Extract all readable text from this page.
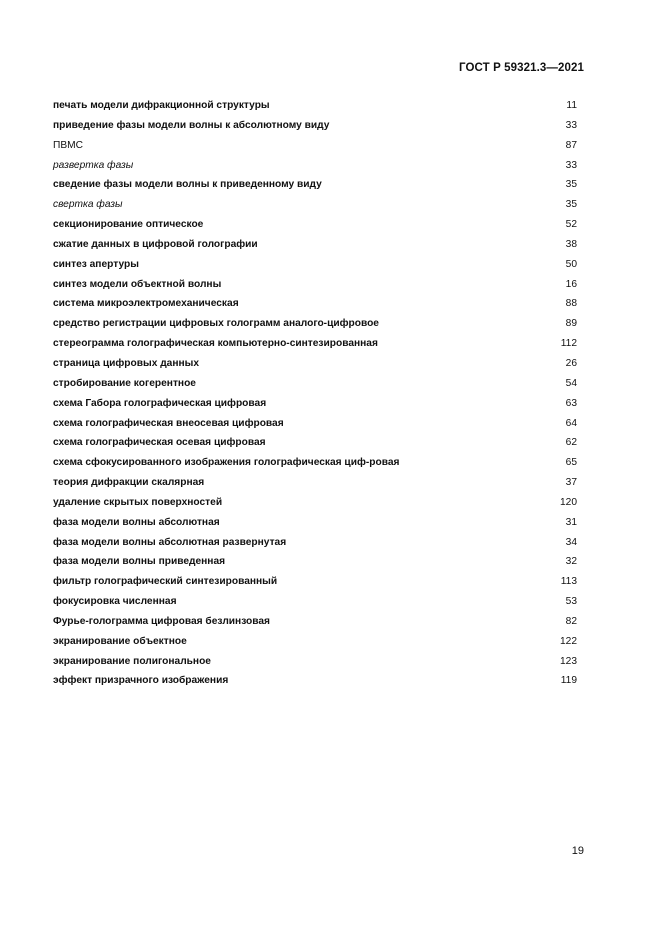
ГОСТ Р 59321.3—2021
печать модели дифракционной структуры	11
приведение фазы модели волны к абсолютному виду	33
ПВМС	87
развертка фазы	33
сведение фазы модели волны к приведенному виду	35
свертка фазы	35
секционирование оптическое	52
сжатие данных в цифровой голографии	38
синтез апертуры	50
синтез модели объектной волны	16
система микроэлектромеханическая	88
средство регистрации цифровых голограмм аналого-цифровое	89
стереограмма голографическая компьютерно-синтезированная	112
страница цифровых данных	26
стробирование когерентное	54
схема Габора голографическая цифровая	63
схема голографическая внеосевая цифровая	64
схема голографическая осевая цифровая	62
схема сфокусированного изображения голографическая циф-ровая	65
теория дифракции скалярная	37
удаление скрытых поверхностей	120
фаза модели волны абсолютная	31
фаза модели волны абсолютная развернутая	34
фаза модели волны приведенная	32
фильтр голографический синтезированный	113
фокусировка численная	53
Фурье-голограмма цифровая безлинзовая	82
экранирование объектное	122
экранирование полигональное	123
эффект призрачного изображения	119
19
